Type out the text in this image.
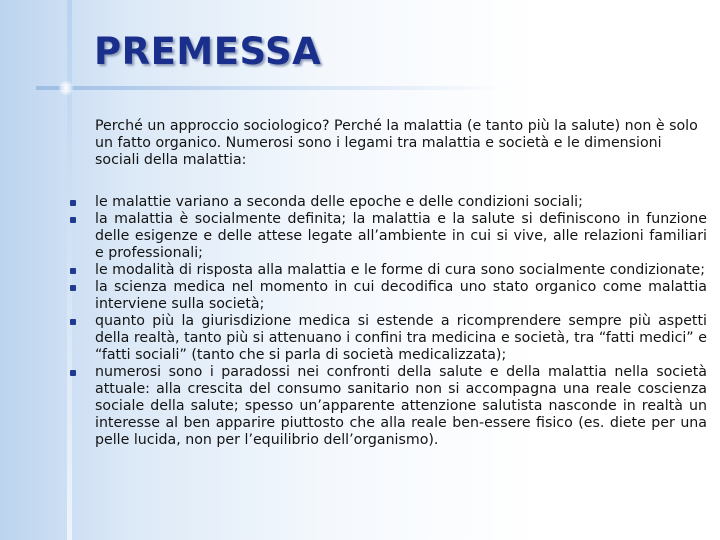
PREMESSA

Perché un approccio sociologico? Perché la malattia (e tanto più la salute) non è solo un fatto organico. Numerosi sono i legami tra malattia e società e le dimensioni sociali della malattia:

le malattie variano a seconda delle epoche e delle condizioni sociali;
la malattia è socialmente definita; la malattia e la salute si definiscono in funzione delle esigenze e delle attese legate all’ambiente in cui si vive, alle relazioni familiari e professionali;
le modalità di risposta alla malattia e le forme di cura sono socialmente condizionate;
la scienza medica nel momento in cui decodifica uno stato organico come malattia interviene sulla società;
quanto più la giurisdizione medica si estende a ricomprendere sempre più aspetti della realtà, tanto più si attenuano i confini tra medicina e società, tra “fatti medici” e “fatti sociali” (tanto che si parla di società medicalizzata);
numerosi sono i paradossi nei confronti della salute e della malattia nella società attuale: alla crescita del consumo sanitario non si accompagna una reale coscienza sociale della salute; spesso un’apparente attenzione salutista nasconde in realtà un interesse al ben apparire piuttosto che alla reale ben-essere fisico (es. diete per una pelle lucida, non per l’equilibrio dell’organismo).
